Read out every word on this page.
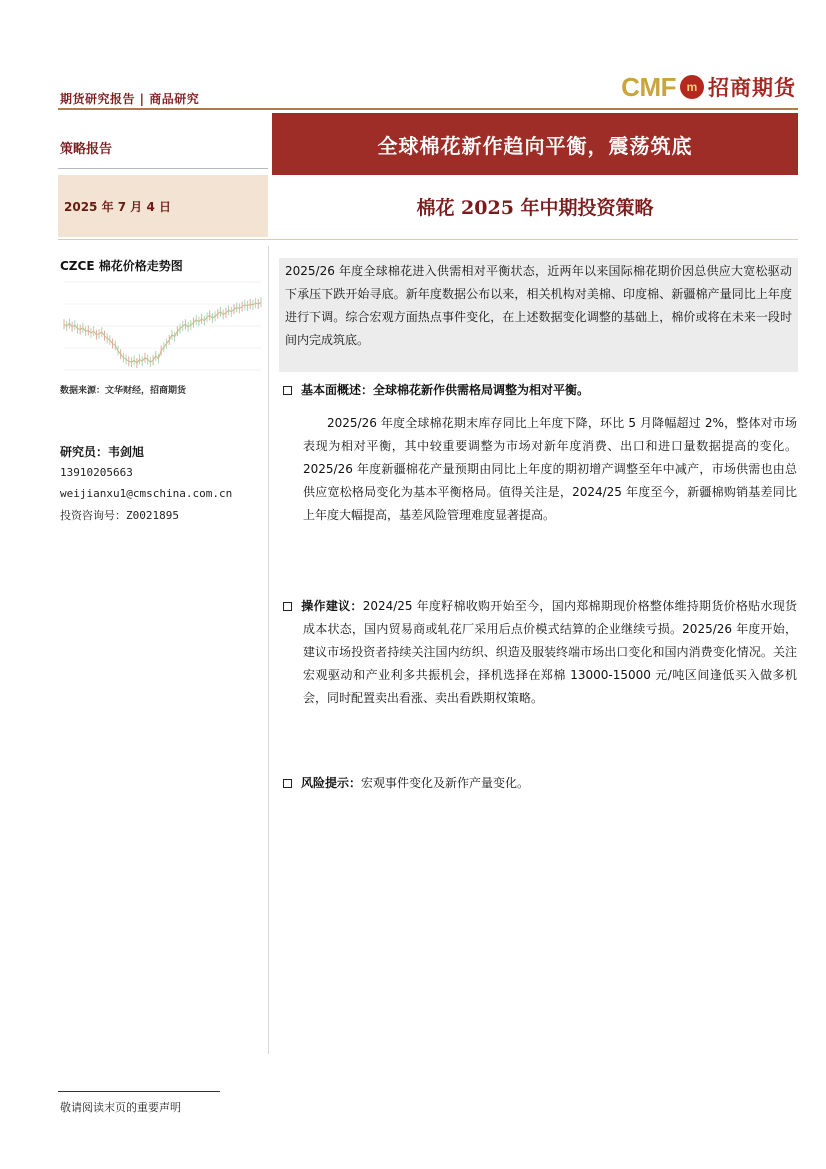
期货研究报告 | 商品研究	CMF m 招商期货
策略报告	全球棉花新作趋向平衡，震荡筑底
2025 年 7 月 4 日	棉花 2025 年中期投资策略
CZCE 棉花价格走势图
数据来源：文华财经，招商期货
研究员：韦剑旭
13910205663
weijianxu1@cmschina.com.cn
投资咨询号：Z0021895
2025/26 年度全球棉花进入供需相对平衡状态，近两年以来国际棉花期价因总供应大宽松驱动下承压下跌开始寻底。新年度数据公布以来，相关机构对美棉、印度棉、新疆棉产量同比上年度进行下调。综合宏观方面热点事件变化，在上述数据变化调整的基础上，棉价或将在未来一段时间内完成筑底。
基本面概述：全球棉花新作供需格局调整为相对平衡。
2025/26 年度全球棉花期末库存同比上年度下降，环比 5 月降幅超过 2%，整体对市场表现为相对平衡，其中较重要调整为市场对新年度消费、出口和进口量数据提高的变化。2025/26 年度新疆棉花产量预期由同比上年度的期初增产调整至年中减产，市场供需也由总供应宽松格局变化为基本平衡格局。值得关注是，2024/25 年度至今，新疆棉购销基差同比上年度大幅提高，基差风险管理难度显著提高。
操作建议：2024/25 年度籽棉收购开始至今，国内郑棉期现价格整体维持期货价格贴水现货成本状态，国内贸易商或轧花厂采用后点价模式结算的企业继续亏损。2025/26 年度开始，建议市场投资者持续关注国内纺织、织造及服装终端市场出口变化和国内消费变化情况。关注宏观驱动和产业利多共振机会，择机选择在郑棉 13000-15000 元/吨区间逢低买入做多机会，同时配置卖出看涨、卖出看跌期权策略。
风险提示：宏观事件变化及新作产量变化。
敬请阅读末页的重要声明
